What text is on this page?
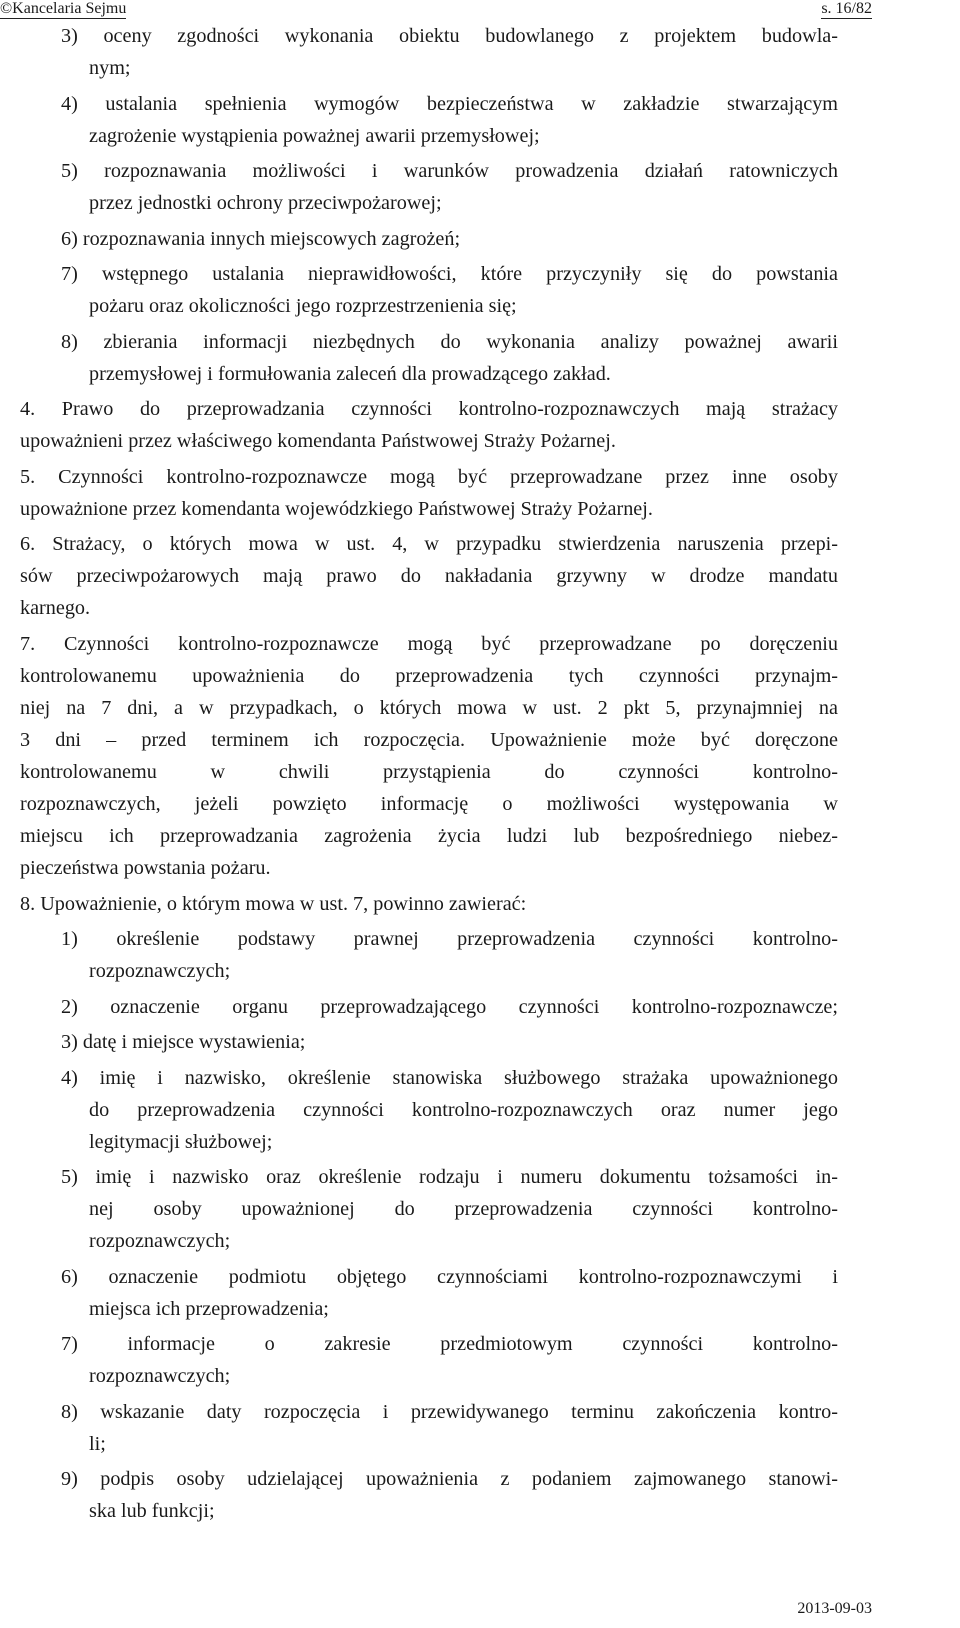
©Kancelaria Sejmu	s. 16/82
3) oceny zgodności wykonania obiektu budowlanego z projektem budowla-
nym;
4) ustalania spełnienia wymogów bezpieczeństwa w zakładzie stwarzającym
zagrożenie wystąpienia poważnej awarii przemysłowej;
5) rozpoznawania możliwości i warunków prowadzenia działań ratowniczych
przez jednostki ochrony przeciwpożarowej;
6) rozpoznawania innych miejscowych zagrożeń;
7) wstępnego ustalania nieprawidłowości, które przyczyniły się do powstania
pożaru oraz okoliczności jego rozprzestrzenienia się;
8) zbierania informacji niezbędnych do wykonania analizy poważnej awarii
przemysłowej i formułowania zaleceń dla prowadzącego zakład.
4. Prawo do przeprowadzania czynności kontrolno-rozpoznawczych mają strażacy
upoważnieni przez właściwego komendanta Państwowej Straży Pożarnej.
5. Czynności kontrolno-rozpoznawcze mogą być przeprowadzane przez inne osoby
upoważnione przez komendanta wojewódzkiego Państwowej Straży Pożarnej.
6. Strażacy, o których mowa w ust. 4, w przypadku stwierdzenia naruszenia przepi-
sów przeciwpożarowych mają prawo do nakładania grzywny w drodze mandatu
karnego.
7. Czynności kontrolno-rozpoznawcze mogą być przeprowadzane po doręczeniu
kontrolowanemu upoważnienia do przeprowadzenia tych czynności przynajm-
niej na 7 dni, a w przypadkach, o których mowa w ust. 2 pkt 5, przynajmniej na
3 dni – przed terminem ich rozpoczęcia. Upoważnienie może być doręczone
kontrolowanemu w chwili przystąpienia do czynności kontrolno-
rozpoznawczych, jeżeli powzięto informację o możliwości występowania w
miejscu ich przeprowadzania zagrożenia życia ludzi lub bezpośredniego niebez-
pieczeństwa powstania pożaru.
8. Upoważnienie, o którym mowa w ust. 7, powinno zawierać:
1) określenie podstawy prawnej przeprowadzenia czynności kontrolno-
rozpoznawczych;
2) oznaczenie organu przeprowadzającego czynności kontrolno-rozpoznawcze;
3) datę i miejsce wystawienia;
4) imię i nazwisko, określenie stanowiska służbowego strażaka upoważnionego
do przeprowadzenia czynności kontrolno-rozpoznawczych oraz numer jego
legitymacji służbowej;
5) imię i nazwisko oraz określenie rodzaju i numeru dokumentu tożsamości in-
nej osoby upoważnionej do przeprowadzenia czynności kontrolno-
rozpoznawczych;
6) oznaczenie podmiotu objętego czynnościami kontrolno-rozpoznawczymi i
miejsca ich przeprowadzenia;
7) informacje o zakresie przedmiotowym czynności kontrolno-
rozpoznawczych;
8) wskazanie daty rozpoczęcia i przewidywanego terminu zakończenia kontro-
li;
9) podpis osoby udzielającej upoważnienia z podaniem zajmowanego stanowi-
ska lub funkcji;
2013-09-03
